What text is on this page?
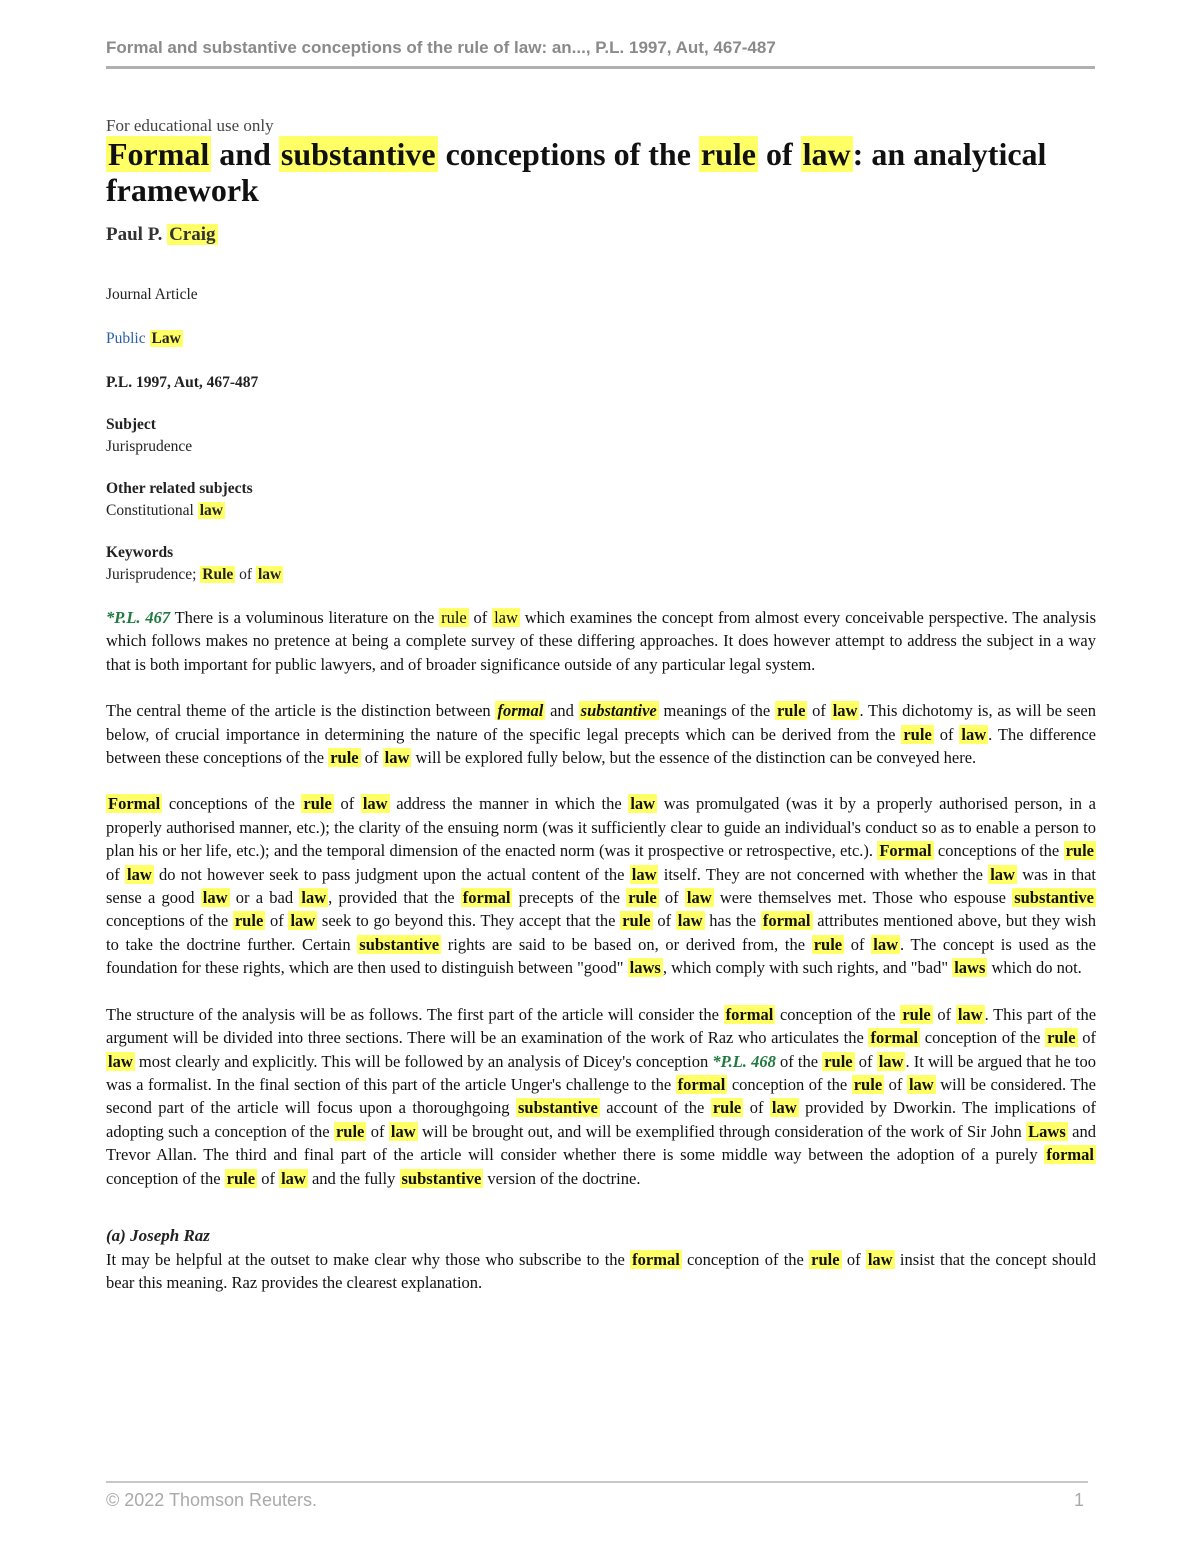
Formal and substantive conceptions of the rule of law: an..., P.L. 1997, Aut, 467-487
For educational use only
Formal and substantive conceptions of the rule of law: an analytical framework
Paul P. Craig
Journal Article
Public Law
P.L. 1997, Aut, 467-487
Subject
Jurisprudence
Other related subjects
Constitutional law
Keywords
Jurisprudence; Rule of law

*P.L. 467 There is a voluminous literature on the rule of law which examines the concept from almost every conceivable perspective. The analysis which follows makes no pretence at being a complete survey of these differing approaches. It does however attempt to address the subject in a way that is both important for public lawyers, and of broader significance outside of any particular legal system.

The central theme of the article is the distinction between formal and substantive meanings of the rule of law . This dichotomy is, as will be seen below, of crucial importance in determining the nature of the specific legal precepts which can be derived from the rule of law . The difference between these conceptions of the rule of law will be explored fully below, but the essence of the distinction can be conveyed here.

Formal conceptions of the rule of law address the manner in which the law was promulgated (was it by a properly authorised person, in a properly authorised manner, etc.); the clarity of the ensuing norm (was it sufficiently clear to guide an individual's conduct so as to enable a person to plan his or her life, etc.); and the temporal dimension of the enacted norm (was it prospective or retrospective, etc.). Formal conceptions of the rule of law do not however seek to pass judgment upon the actual content of the law itself. They are not concerned with whether the law was in that sense a good law or a bad law , provided that the formal precepts of the rule of law were themselves met. Those who espouse substantive conceptions of the rule of law seek to go beyond this. They accept that the rule of law has the formal attributes mentioned above, but they wish to take the doctrine further. Certain substantive rights are said to be based on, or derived from, the rule of law . The concept is used as the foundation for these rights, which are then used to distinguish between "good" laws , which comply with such rights, and "bad" laws which do not.

The structure of the analysis will be as follows. The first part of the article will consider the formal conception of the rule of law . This part of the argument will be divided into three sections. There will be an examination of the work of Raz who articulates the formal conception of the rule of law most clearly and explicitly. This will be followed by an analysis of Dicey's conception *P.L. 468 of the rule of law . It will be argued that he too was a formalist. In the final section of this part of the article Unger's challenge to the formal conception of the rule of law will be considered. The second part of the article will focus upon a thoroughgoing substantive account of the rule of law provided by Dworkin. The implications of adopting such a conception of the rule of law will be brought out, and will be exemplified through consideration of the work of Sir John Laws and Trevor Allan. The third and final part of the article will consider whether there is some middle way between the adoption of a purely formal conception of the rule of law and the fully substantive version of the doctrine.

(a) Joseph Raz

It may be helpful at the outset to make clear why those who subscribe to the formal conception of the rule of law insist that the concept should bear this meaning. Raz provides the clearest explanation.

© 2022 Thomson Reuters.	1
